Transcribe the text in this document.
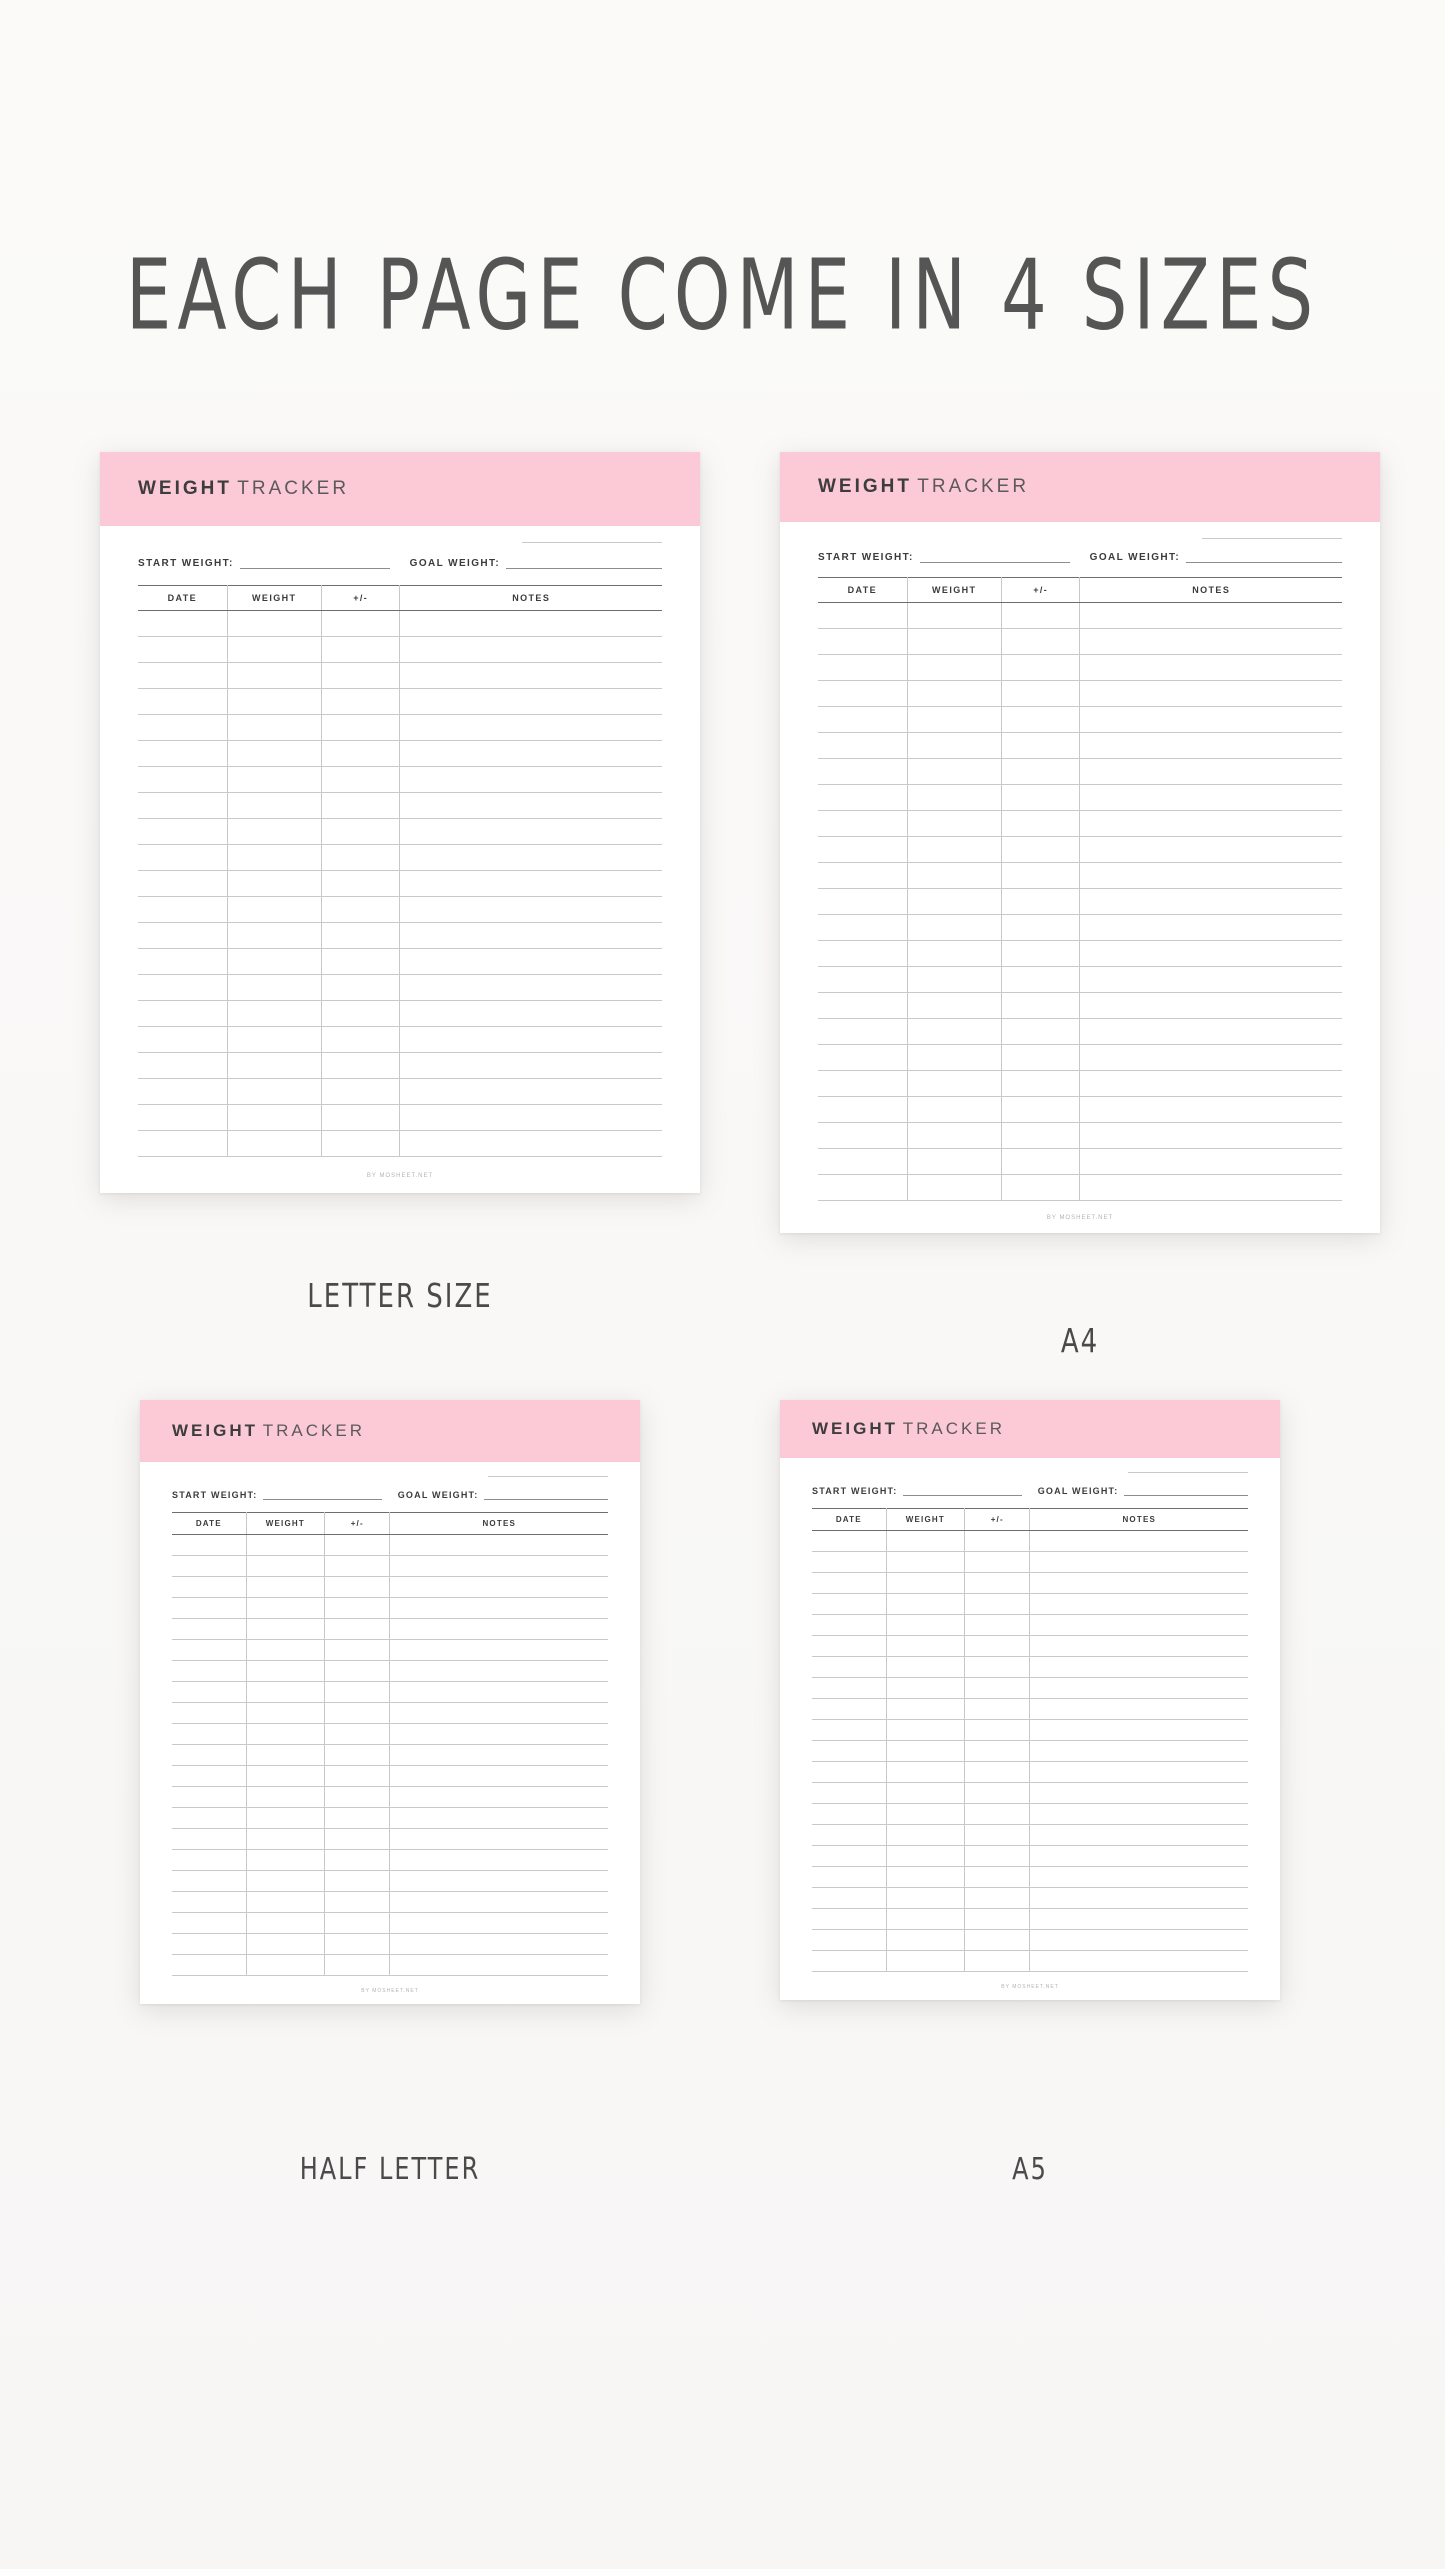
EACH PAGE COME IN 4 SIZES
WEIGHT TRACKER
START WEIGHT:	GOAL WEIGHT:
DATE	WEIGHT	+/-	NOTES

BY MOSHEET.NET
LETTER SIZE
WEIGHT TRACKER
START WEIGHT:	GOAL WEIGHT:
DATE	WEIGHT	+/-	NOTES

BY MOSHEET.NET
A4
WEIGHT TRACKER
START WEIGHT:	GOAL WEIGHT:
DATE	WEIGHT	+/-	NOTES

BY MOSHEET.NET
HALF LETTER
WEIGHT TRACKER
START WEIGHT:	GOAL WEIGHT:
DATE	WEIGHT	+/-	NOTES

BY MOSHEET.NET
A5
